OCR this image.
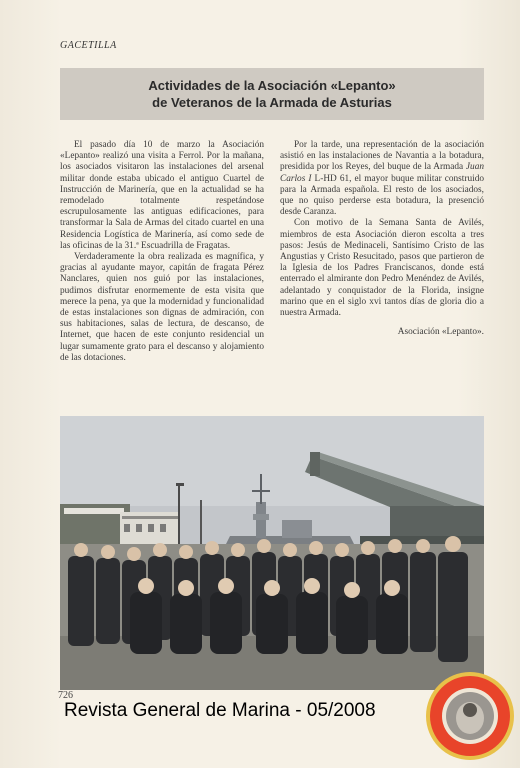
GACETILLA
Actividades de la Asociación «Lepanto»
de Veteranos de la Armada de Asturias

El pasado día 10 de marzo la Asociación «Lepanto» realizó una visita a Ferrol. Por la mañana, los asociados visitaron las instalaciones del arsenal militar donde estaba ubicado el antiguo Cuartel de Instrucción de Marinería, que en la actualidad se ha remodelado totalmente respetándose escrupulosamente las antiguas edificaciones, para transformar la Sala de Armas del citado cuartel en una Residencia Logística de Marinería, así como sede de las oficinas de la 31.ª Escuadrilla de Fragatas.

Verdaderamente la obra realizada es magnífica, y gracias al ayudante mayor, capitán de fragata Pérez Nanclares, quien nos guió por las instalaciones, pudimos disfrutar enormemente de esta visita que merece la pena, ya que la modernidad y funcionalidad de estas instalaciones son dignas de admiración, con sus habitaciones, salas de lectura, de descanso, de Internet, que hacen de este conjunto residencial un lugar sumamente grato para el descanso y alojamiento de las dotaciones.

Por la tarde, una representación de la asociación asistió en las instalaciones de Navantia a la botadura, presidida por los Reyes, del buque de la Armada Juan Carlos I L-HD 61, el mayor buque militar construido para la Armada española. El resto de los asociados, que no quiso perderse esta botadura, la presenció desde Caranza.

Con motivo de la Semana Santa de Avilés, miembros de esta Asociación dieron escolta a tres pasos: Jesús de Medinaceli, Santísimo Cristo de las Angustias y Cristo Resucitado, pasos que partieron de la Iglesia de los Padres Franciscanos, donde está enterrado el almirante don Pedro Menéndez de Avilés, adelantado y conquistador de la Florida, insigne marino que en el siglo xvi tantos días de gloria dio a nuestra Armada.

Asociación «Lepanto».
726
Revista General de Marina - 05/2008
